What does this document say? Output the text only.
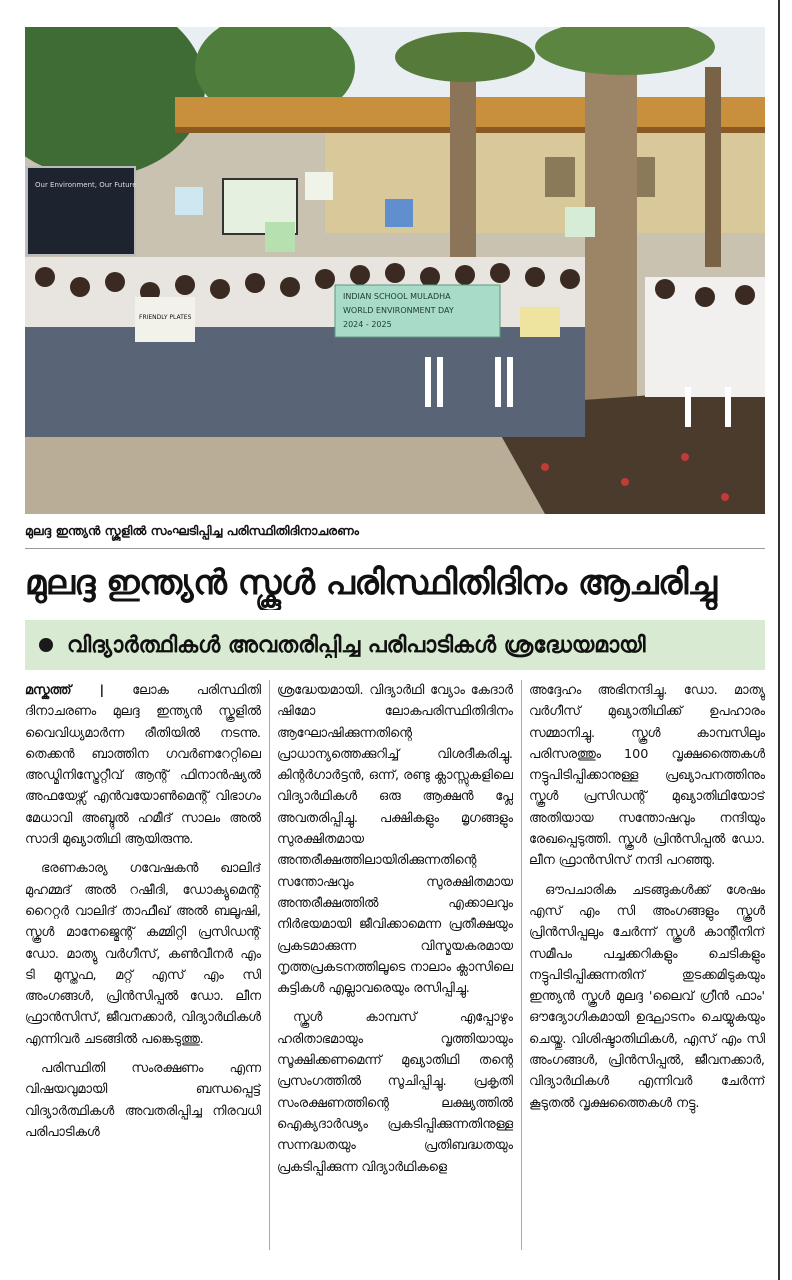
Our Environment, Our Future
FRIENDLY PLATES
INDIAN SCHOOL MULADHA
WORLD ENVIRONMENT DAY
2024 - 2025
മുലദ്ദ ഇന്ത്യൻ സ്കൂളിൽ സംഘടിപ്പിച്ച പരിസ്ഥിതിദിനാചരണം
മുലദ്ദ ഇന്ത്യൻ സ്കൂൾ പരിസ്ഥിതിദിനം ആചരിച്ചു
വിദ്യാർത്ഥികൾ അവതരിപ്പിച്ച പരിപാടികൾ ശ്രദ്ധേയമായി

മസ്കത്ത് | ലോക പരിസ്ഥിതി ദിനാചരണം മുലദ്ദ ഇന്ത്യൻ സ്കൂളിൽ വൈവിധ്യമാർന്ന രീതിയിൽ നടന്നു. തെക്കൻ ബാത്തിന ഗവർണറേറ്റിലെ അഡ്മിനിസ്ട്രേറ്റീവ് ആന്റ് ഫിനാൻഷ്യൽ അഫയേഴ്സ് എൻവയോൺമെന്റ് വിഭാഗം മേധാവി അബ്ദുൽ ഹമീദ് സാലം അൽ സാദി മുഖ്യാതിഥി ആയിരുന്നു.

ഭരണകാര്യ ഗവേഷകൻ ഖാലിദ് മുഹമ്മദ് അൽ റഷീദി, ഡോക്യുമെന്റ് റൈറ്റർ വാലിദ് താഫീഖ് അൽ ബലൂഷി, സ്കൂൾ മാനേജ്മെന്റ് കമ്മിറ്റി പ്രസിഡന്റ് ഡോ. മാത്യു വർഗീസ്, കൺവീനർ എം ടി മുസ്തഫ, മറ്റ് എസ് എം സി അംഗങ്ങൾ, പ്രിൻസിപ്പൽ ഡോ. ലീന ഫ്രാൻസിസ്, ജീവനക്കാർ, വിദ്യാർഥികൾ എന്നിവർ ചടങ്ങിൽ പങ്കെടുത്തു.

പരിസ്ഥിതി സംരക്ഷണം എന്ന വിഷയവുമായി ബന്ധപ്പെട്ട് വിദ്യാർത്ഥികൾ അവതരിപ്പിച്ച നിരവധി പരിപാടികൾ

ശ്രദ്ധേയമായി. വിദ്യാർഥി വ്യോം കേദാർ ഷിമോ ലോകപരിസ്ഥിതിദിനം ആഘോഷിക്കുന്നതിന്റെ പ്രാധാന്യത്തെക്കുറിച്ച് വിശദീകരിച്ചു. കിന്റർഗാർട്ടൻ, ഒന്ന്, രണ്ടു ക്ലാസ്സുകളിലെ വിദ്യാർഥികൾ ഒരു ആക്ഷൻ പ്ലേ അവതരിപ്പിച്ചു. പക്ഷികളും മൃഗങ്ങളും സുരക്ഷിതമായ അന്തരീക്ഷത്തിലായിരിക്കുന്നതിന്റെ സന്തോഷവും സുരക്ഷിതമായ അന്തരീക്ഷത്തിൽ എക്കാലവും നിർഭയമായി ജീവിക്കാമെന്ന പ്രതീക്ഷയും പ്രകടമാക്കുന്ന വിസ്മയകരമായ നൃത്തപ്രകടനത്തിലൂടെ നാലാം ക്ലാസിലെ കുട്ടികൾ എല്ലാവരെയും രസിപ്പിച്ചു.

സ്കൂൾ കാമ്പസ് എപ്പോഴും ഹരിതാഭമായും വൃത്തിയായും സൂക്ഷിക്കണമെന്ന് മുഖ്യാതിഥി തന്റെ പ്രസംഗത്തിൽ സൂചിപ്പിച്ചു. പ്രകൃതി സംരക്ഷണത്തിന്റെ ലക്ഷ്യത്തിൽ ഐക്യദാർഢ്യം പ്രകടിപ്പിക്കുന്നതിനുള്ള സന്നദ്ധതയും പ്രതിബദ്ധതയും പ്രകടിപ്പിക്കുന്ന വിദ്യാർഥികളെ

അദ്ദേഹം അഭിനന്ദിച്ചു. ഡോ. മാത്യു വർഗീസ് മുഖ്യാതിഥിക്ക് ഉപഹാരം സമ്മാനിച്ചു. സ്കൂൾ കാമ്പസിലും പരിസരത്തും 100 വൃക്ഷത്തൈകൾ നട്ടുപിടിപ്പിക്കാനുള്ള പ്രഖ്യാപനത്തിനും സ്കൂൾ പ്രസിഡന്റ് മുഖ്യാതിഥിയോട് അതിയായ സന്തോഷവും നന്ദിയും രേഖപ്പെടുത്തി. സ്കൂൾ പ്രിൻസിപ്പൽ ഡോ. ലീന ഫ്രാൻസിസ് നന്ദി പറഞ്ഞു.

ഔപചാരിക ചടങ്ങുകൾക്ക് ശേഷം എസ് എം സി അംഗങ്ങളും സ്കൂൾ പ്രിൻസിപ്പലും ചേർന്ന് സ്കൂൾ കാന്റീനിന് സമീപം പച്ചക്കറികളും ചെടികളും നട്ടുപിടിപ്പിക്കുന്നതിന് തുടക്കമിടുകയും ഇന്ത്യൻ സ്കൂൾ മുലദ്ദ 'ലൈവ് ഗ്രീൻ ഫാം' ഔദ്യോഗികമായി ഉദ്ഘാടനം ചെയ്യുകയും ചെയ്തു. വിശിഷ്ടാതിഥികൾ, എസ് എം സി അംഗങ്ങൾ, പ്രിൻസിപ്പൽ, ജീവനക്കാർ, വിദ്യാർഥികൾ എന്നിവർ ചേർന്ന് കൂടുതൽ വൃക്ഷത്തൈകൾ നട്ടു.
